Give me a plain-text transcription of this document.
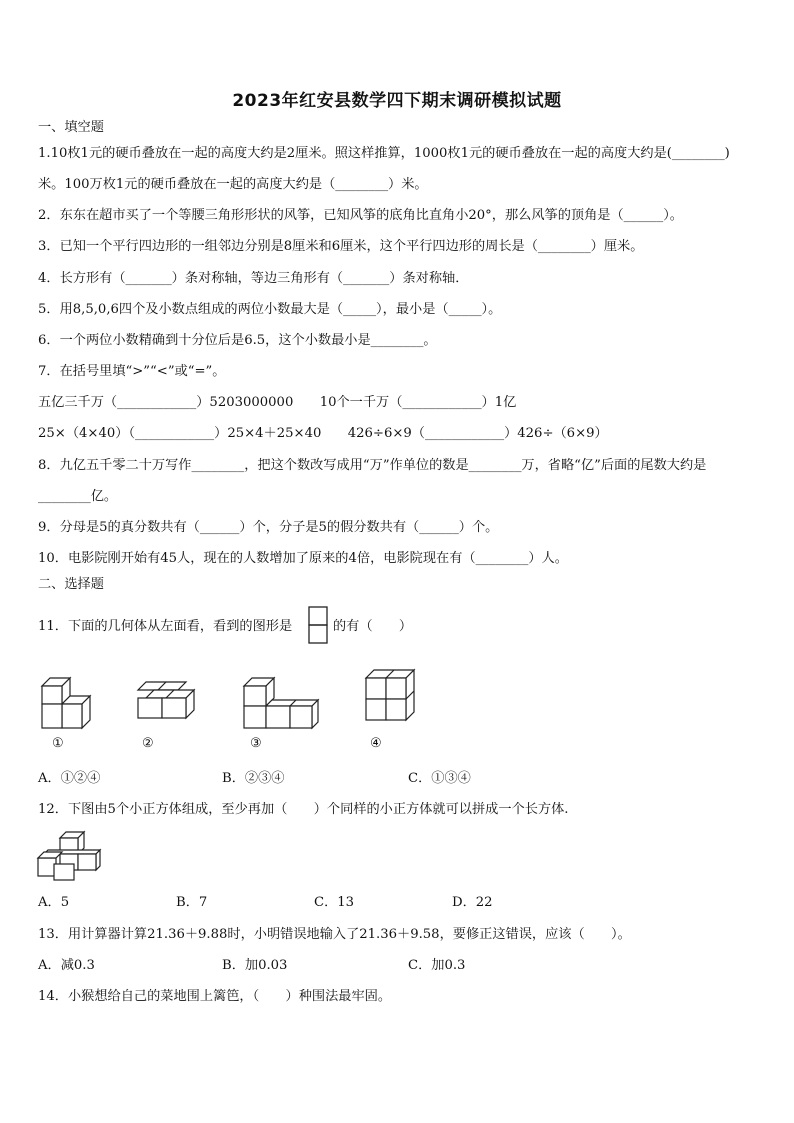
2023年红安县数学四下期末调研模拟试题
一、填空题
1.10枚1元的硬币叠放在一起的高度大约是2厘米。照这样推算，1000枚1元的硬币叠放在一起的高度大约是(________)
米。100万枚1元的硬币叠放在一起的高度大约是（________）米。
2．东东在超市买了一个等腰三角形形状的风筝，已知风筝的底角比直角小20°，那么风筝的顶角是（______）。
3．已知一个平行四边形的一组邻边分别是8厘米和6厘米，这个平行四边形的周长是（________）厘米。
4．长方形有（_______）条对称轴，等边三角形有（_______）条对称轴．
5．用8,5,0,6四个及小数点组成的两位小数最大是（_____），最小是（_____）。
6．一个两位小数精确到十分位后是6.5，这个小数最小是________。
7．在括号里填“>”“<”或“=”。
五亿三千万（____________）5203000000　　10个一千万（____________）1亿
25×（4×40）（____________）25×4＋25×40　　426÷6×9（____________）426÷（6×9）
8．九亿五千零二十万写作________，把这个数改写成用“万”作单位的数是________万，省略“亿”后面的尾数大约是
________亿。
9．分母是5的真分数共有（______）个，分子是5的假分数共有（______）个。
10．电影院刚开始有45人，现在的人数增加了原来的4倍，电影院现在有（________）人。
二、选择题
11．下面的几何体从左面看，看到的图形是	的有（　　）
①	②	③	④
A．①②④	B．②③④	C．①③④
12．下图由5个小正方体组成，至少再加（　　）个同样的小正方体就可以拼成一个长方体.
A．5	B．7	C．13	D．22
13．用计算器计算21.36＋9.88时，小明错误地输入了21.36＋9.58，要修正这错误，应该（　　）。
A．减0.3	B．加0.03	C．加0.3
14．小猴想给自己的菜地围上篱笆，（　　）种围法最牢固。
